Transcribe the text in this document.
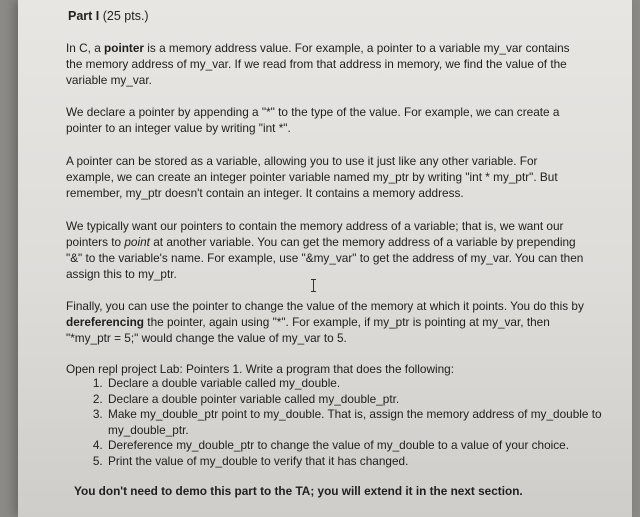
Part I (25 pts.)

In C, a pointer is a memory address value. For example, a pointer to a variable my_var contains the memory address of my_var. If we read from that address in memory, we find the value of the variable my_var.

We declare a pointer by appending a "*" to the type of the value. For example, we can create a pointer to an integer value by writing "int *".

A pointer can be stored as a variable, allowing you to use it just like any other variable. For example, we can create an integer pointer variable named my_ptr by writing "int * my_ptr". But remember, my_ptr doesn't contain an integer. It contains a memory address.

We typically want our pointers to contain the memory address of a variable; that is, we want our pointers to point at another variable. You can get the memory address of a variable by prepending "&" to the variable's name. For example, use "&my_var" to get the address of my_var. You can then assign this to my_ptr.

Finally, you can use the pointer to change the value of the memory at which it points. You do this by dereferencing the pointer, again using "*". For example, if my_ptr is pointing at my_var, then "*my_ptr = 5;" would change the value of my_var to 5.

Open repl project Lab: Pointers 1. Write a program that does the following:

1. Declare a double variable called my_double.
2. Declare a double pointer variable called my_double_ptr.
3. Make my_double_ptr point to my_double. That is, assign the memory address of my_double to my_double_ptr.
4. Dereference my_double_ptr to change the value of my_double to a value of your choice.
5. Print the value of my_double to verify that it has changed.

You don't need to demo this part to the TA; you will extend it in the next section.
